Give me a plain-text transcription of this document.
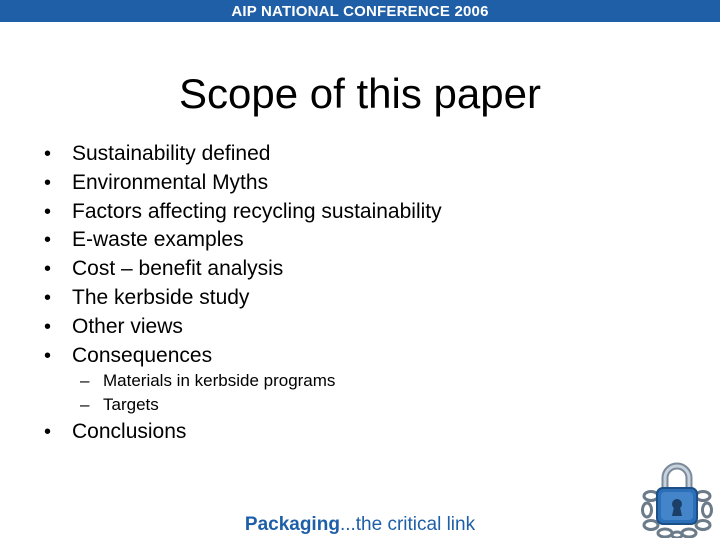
AIP NATIONAL CONFERENCE 2006
Scope of this paper
• Sustainability defined
• Environmental Myths
• Factors affecting recycling sustainability
• E-waste examples
• Cost – benefit analysis
• The kerbside study
• Other views
• Consequences
– Materials in kerbside programs
– Targets
• Conclusions
Packaging...the critical link
